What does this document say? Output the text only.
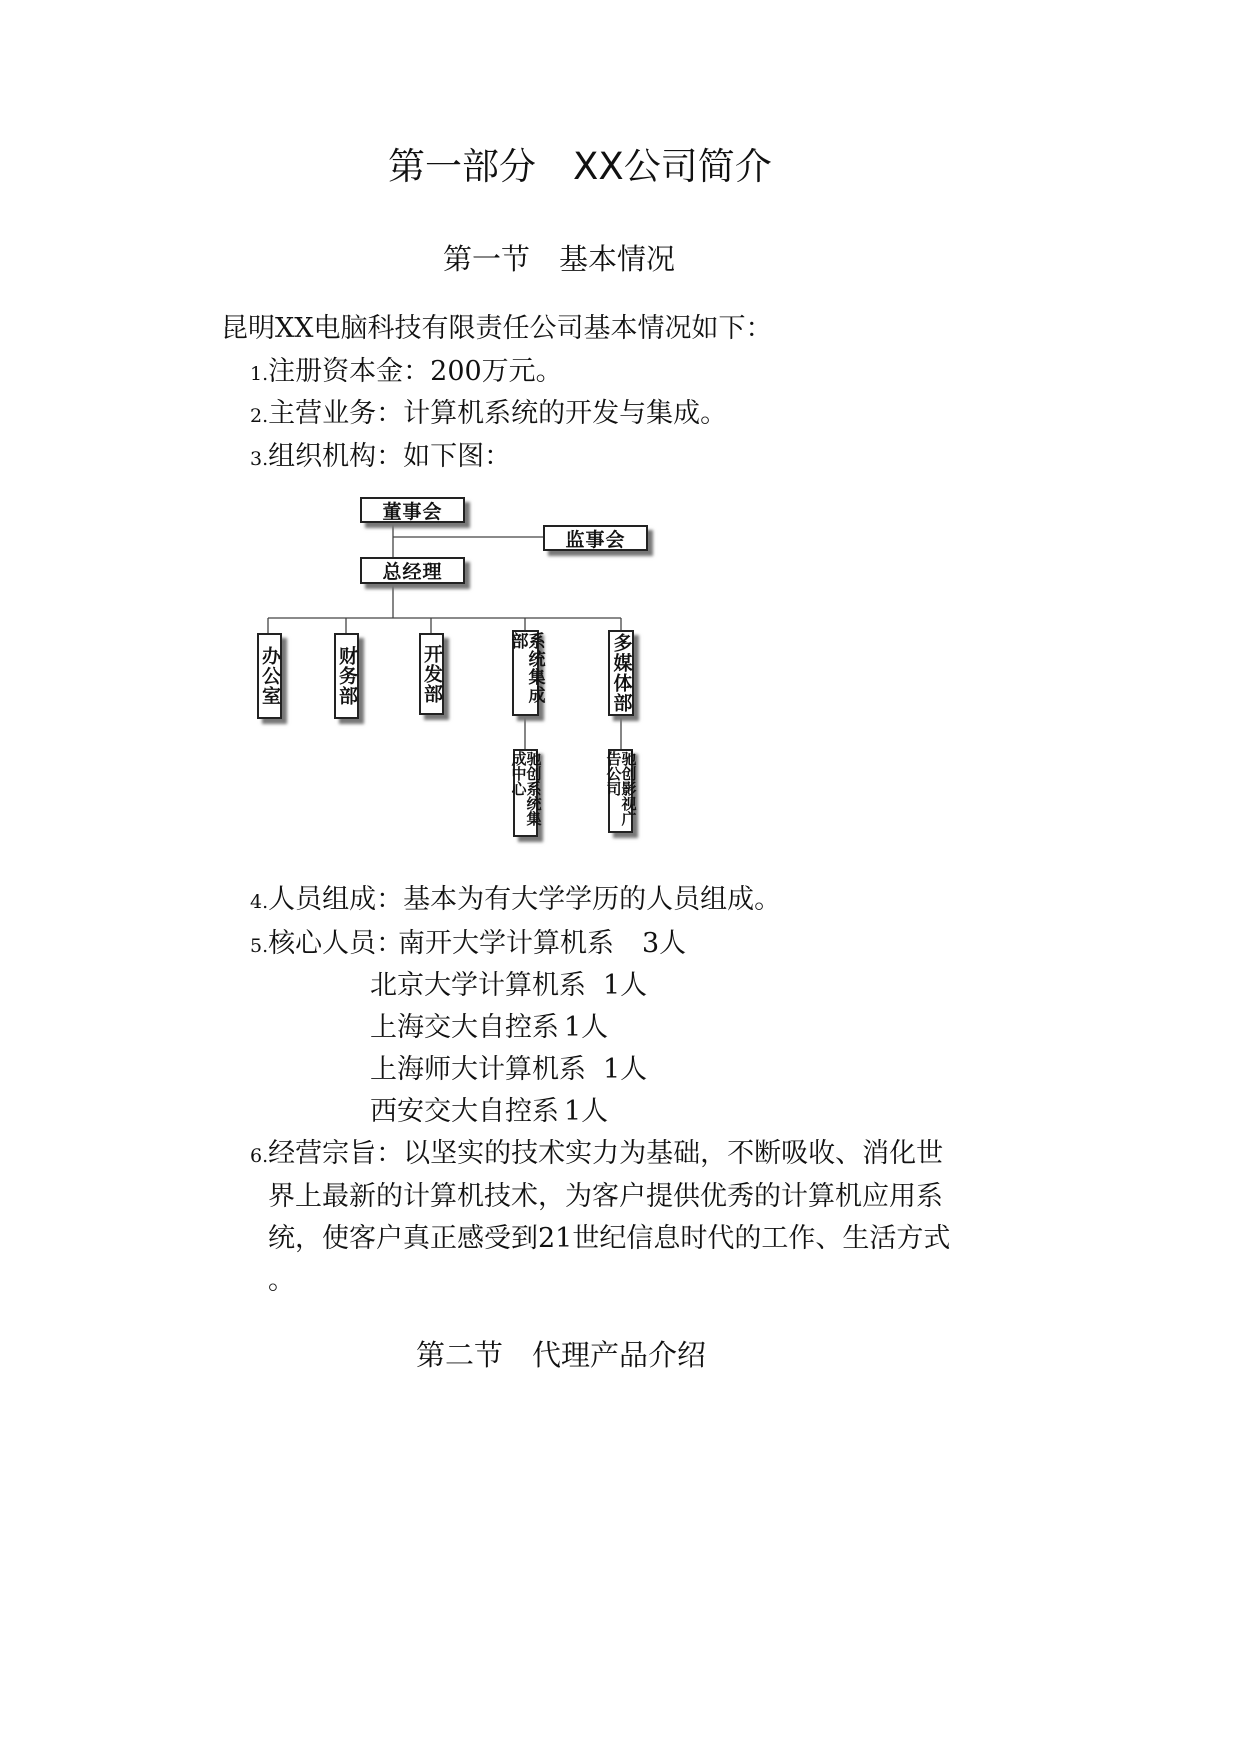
第一部分　XX公司简介
第一节　基本情况
昆明XX电脑科技有限责任公司基本情况如下：
1.注册资本金：200万元。
2.主营业务：计算机系统的开发与集成。
3.组织机构：如下图：
董事会
监事会
总经理
办公室	财务部	开发部	系统集成部	多媒体部
驰创系统集成中心	驰创影视广告公司
4.人员组成：基本为有大学学历的人员组成。
5.核心人员：
南开大学计算机系 3人
北京大学计算机系 1人
上海交大自控系 1人
上海师大计算机系 1人
西安交大自控系 1人
6.经营宗旨：以坚实的技术实力为基础，不断吸收、消化世
界上最新的计算机技术，为客户提供优秀的计算机应用系
统，使客户真正感受到21世纪信息时代的工作、生活方式
。
第二节　代理产品介绍
